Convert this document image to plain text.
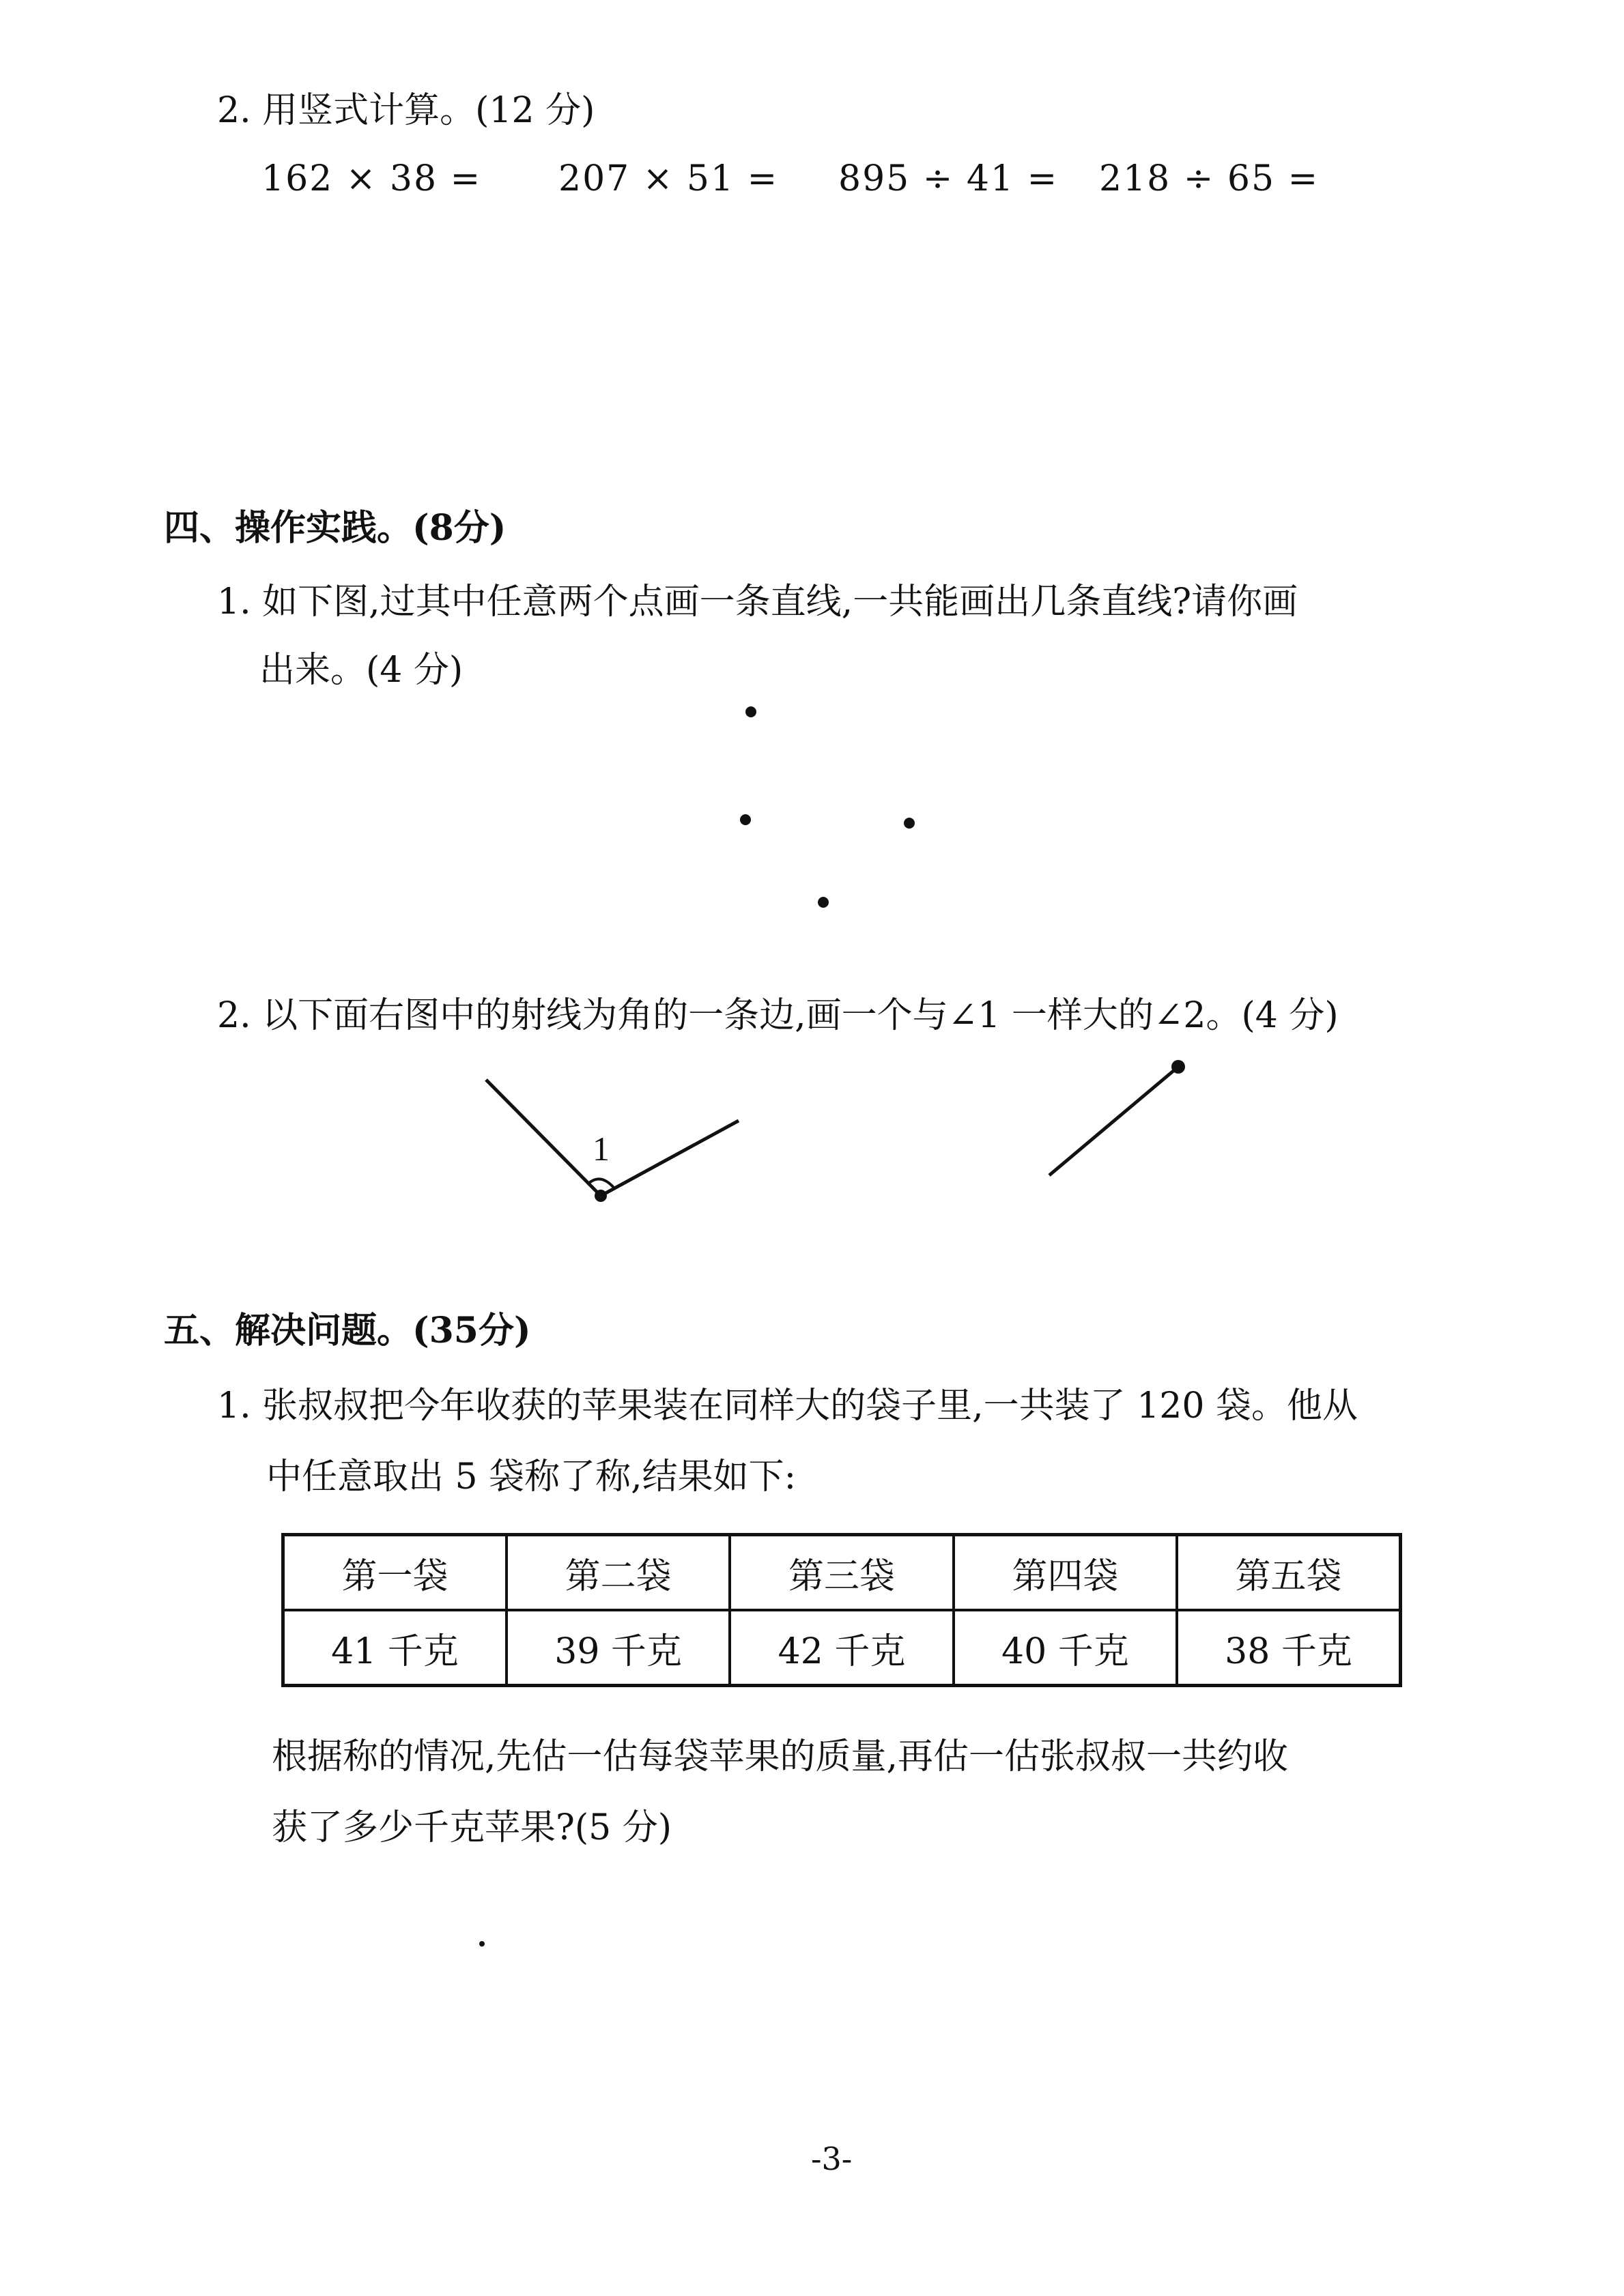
2. 用竖式计算。(12 分)
162 × 38 = 207 × 51 = 895 ÷ 41 = 218 ÷ 65 =
四、操作实践。(8分)
1. 如下图,过其中任意两个点画一条直线,一共能画出几条直线?请你画
出来。(4 分)
2. 以下面右图中的射线为角的一条边,画一个与∠1 一样大的∠2。(4 分)
1
五、解决问题。(35分)
1. 张叔叔把今年收获的苹果装在同样大的袋子里,一共装了 120 袋。他从
中任意取出 5 袋称了称,结果如下:
第一袋	第二袋	第三袋	第四袋	第五袋
41 千克	39 千克	42 千克	40 千克	38 千克
根据称的情况,先估一估每袋苹果的质量,再估一估张叔叔一共约收
获了多少千克苹果?(5 分)
-3-
